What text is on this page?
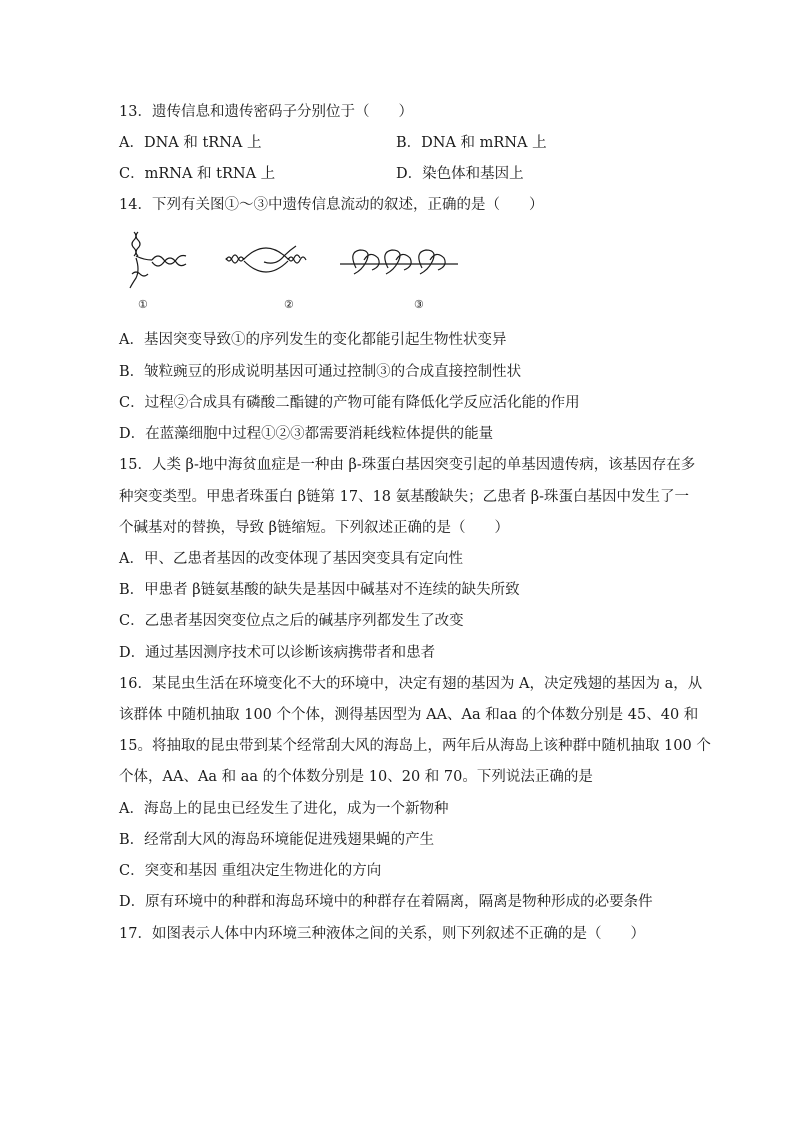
13．遗传信息和遗传密码子分别位于（　　）
A．DNA 和 tRNA 上	B．DNA 和 mRNA 上
C．mRNA 和 tRNA 上	D．染色体和基因上
14．下列有关图①～③中遗传信息流动的叙述，正确的是（　　）
①	②	③
A．基因突变导致①的序列发生的变化都能引起生物性状变异
B．皱粒豌豆的形成说明基因可通过控制③的合成直接控制性状
C．过程②合成具有磷酸二酯键的产物可能有降低化学反应活化能的作用
D．在蓝藻细胞中过程①②③都需要消耗线粒体提供的能量
15．人类 β-地中海贫血症是一种由 β-珠蛋白基因突变引起的单基因遗传病，该基因存在多
种突变类型。甲患者珠蛋白 β链第 17、18 氨基酸缺失；乙患者 β-珠蛋白基因中发生了一
个碱基对的替换，导致 β链缩短。下列叙述正确的是（　　）
A．甲、乙患者基因的改变体现了基因突变具有定向性
B．甲患者 β链氨基酸的缺失是基因中碱基对不连续的缺失所致
C．乙患者基因突变位点之后的碱基序列都发生了改变
D．通过基因测序技术可以诊断该病携带者和患者
16．某昆虫生活在环境变化不大的环境中，决定有翅的基因为 A，决定残翅的基因为 a，从
该群体 中随机抽取 100 个个体，测得基因型为 AA、Aa 和aa 的个体数分别是 45、40 和
15。将抽取的昆虫带到某个经常刮大风的海岛上，两年后从海岛上该种群中随机抽取 100 个
个体，AA、Aa 和 aa 的个体数分别是 10、20 和 70。下列说法正确的是
A．海岛上的昆虫已经发生了进化，成为一个新物种
B．经常刮大风的海岛环境能促进残翅果蝇的产生
C．突变和基因 重组决定生物进化的方向
D．原有环境中的种群和海岛环境中的种群存在着隔离，隔离是物种形成的必要条件
17．如图表示人体中内环境三种液体之间的关系，则下列叙述不正确的是（　　）
